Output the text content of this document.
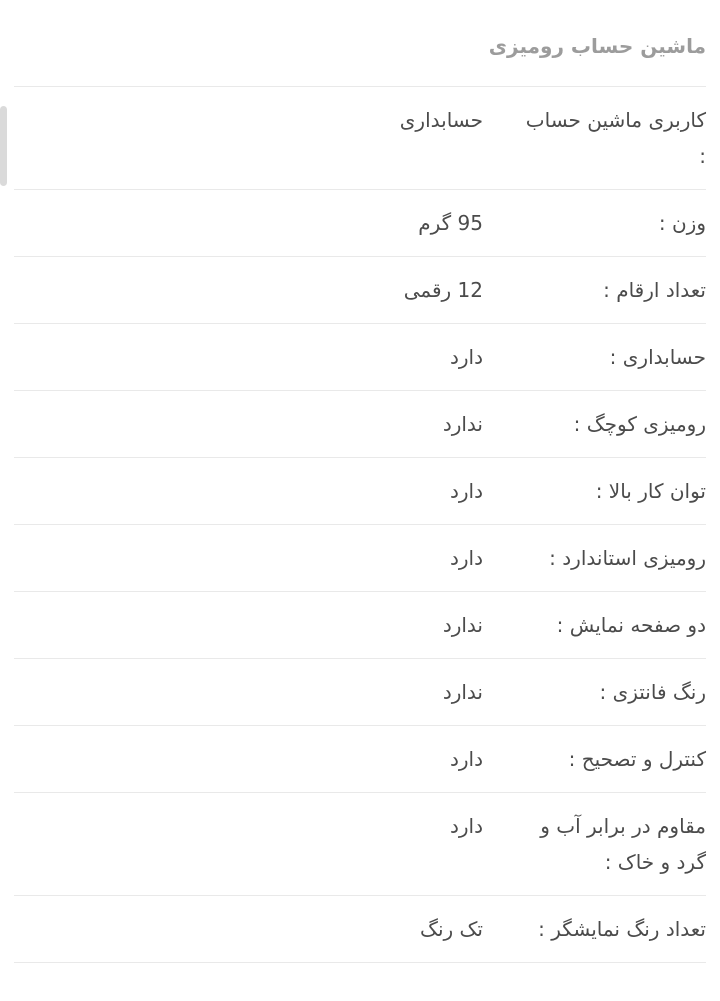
ماشین حساب رومیزی
کاربری ماشین حساب :
حسابداری
وزن :
95 گرم
تعداد ارقام :
12 رقمی
حسابداری :
دارد
رومیزی کوچگ :
ندارد
توان کار بالا :
دارد
رومیزی استاندارد :
دارد
دو صفحه نمایش :
ندارد
رنگ فانتزی :
ندارد
کنترل و تصحیح :
دارد
مقاوم در برابر آب و گرد و خاک :
دارد
تعداد رنگ نمایشگر :
تک رنگ
